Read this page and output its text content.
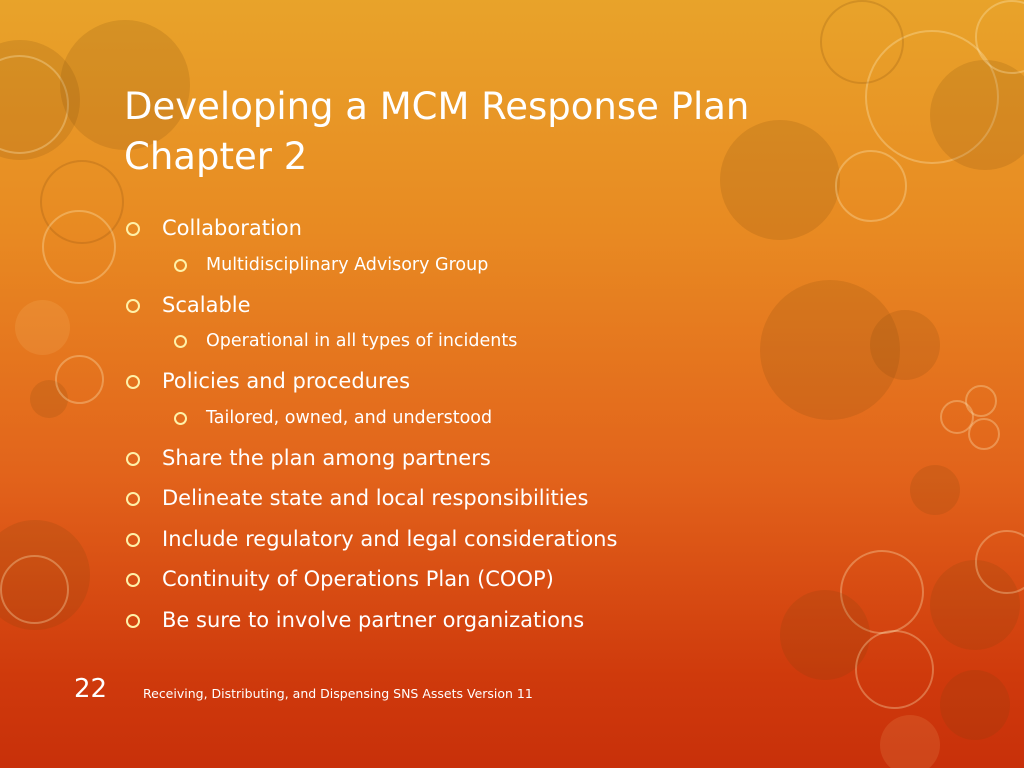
Developing a MCM Response Plan
Chapter 2
Collaboration
Multidisciplinary Advisory Group
Scalable
Operational in all types of incidents
Policies and procedures
Tailored, owned, and understood
Share the plan among partners
Delineate state and local responsibilities
Include regulatory and legal considerations
Continuity of Operations Plan (COOP)
Be sure to involve partner organizations
22	Receiving, Distributing, and Dispensing SNS Assets Version 11
